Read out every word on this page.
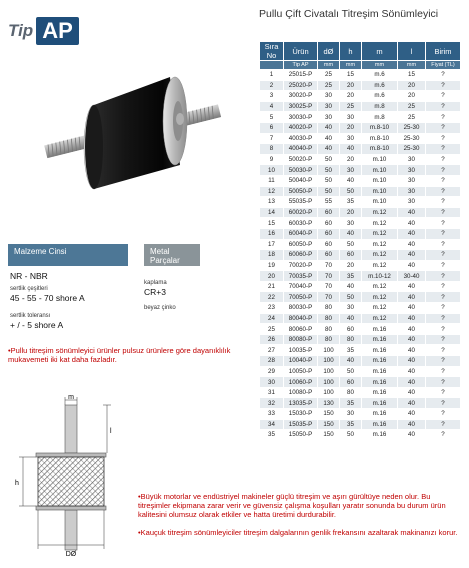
Tip AP
Pullu Çift Civatalı Titreşim Sönümleyici
Malzeme Cinsi
NR - NBR
sertlik çeşitleri
45 - 55 - 70 shore A
sertlik toleransı
+ / - 5 shore A
Metal Parçalar
kaplama
CR+3
beyaz çinko
•Pullu titreşim sönümleyici ürünler pulsuz ürünlere göre dayanıklılık mukavemeti iki kat daha fazladır.
m
l
h
DØ
•Büyük motorlar ve endüstriyel makineler güçlü titreşim ve aşırı gürültüye neden olur. Bu titreşimler ekipmana zarar verir ve güvensiz çalışma koşulları yaratır sonunda bu durum ürün kalitesini olumsuz olarak etkiler ve hatta üretimi durdurabilir.
•Kauçuk titreşim sönümleyiciler titreşim dalgalarının genlik frekansını azaltarak makinanızı korur.
Sıra No	Ürün	dØ	h	m	l	Birim
	Tip AP	mm	mm	mm	mm	Fiyat (TL)
1	25015-P	25	15	m.6	15	?
2	25020-P	25	20	m.6	20	?
3	30020-P	30	20	m.6	20	?
4	30025-P	30	25	m.8	25	?
5	30030-P	30	30	m.8	25	?
6	40020-P	40	20	m.8-10	25-30	?
7	40030-P	40	30	m.8-10	25-30	?
8	40040-P	40	40	m.8-10	25-30	?
9	50020-P	50	20	m.10	30	?
10	50030-P	50	30	m.10	30	?
11	50040-P	50	40	m.10	30	?
12	50050-P	50	50	m.10	30	?
13	55035-P	55	35	m.10	30	?
14	60020-P	60	20	m.12	40	?
15	60030-P	60	30	m.12	40	?
16	60040-P	60	40	m.12	40	?
17	60050-P	60	50	m.12	40	?
18	60060-P	60	60	m.12	40	?
19	70020-P	70	20	m.12	40	?
20	70035-P	70	35	m.10-12	30-40	?
21	70040-P	70	40	m.12	40	?
22	70050-P	70	50	m.12	40	?
23	80030-P	80	30	m.12	40	?
24	80040-P	80	40	m.12	40	?
25	80060-P	80	60	m.16	40	?
26	80080-P	80	80	m.16	40	?
27	10035-P	100	35	m.16	40	?
28	10040-P	100	40	m.16	40	?
29	10050-P	100	50	m.16	40	?
30	10060-P	100	60	m.16	40	?
31	10080-P	100	80	m.16	40	?
32	13035-P	130	35	m.16	40	?
33	15030-P	150	30	m.16	40	?
34	15035-P	150	35	m.16	40	?
35	15050-P	150	50	m.16	40	?
